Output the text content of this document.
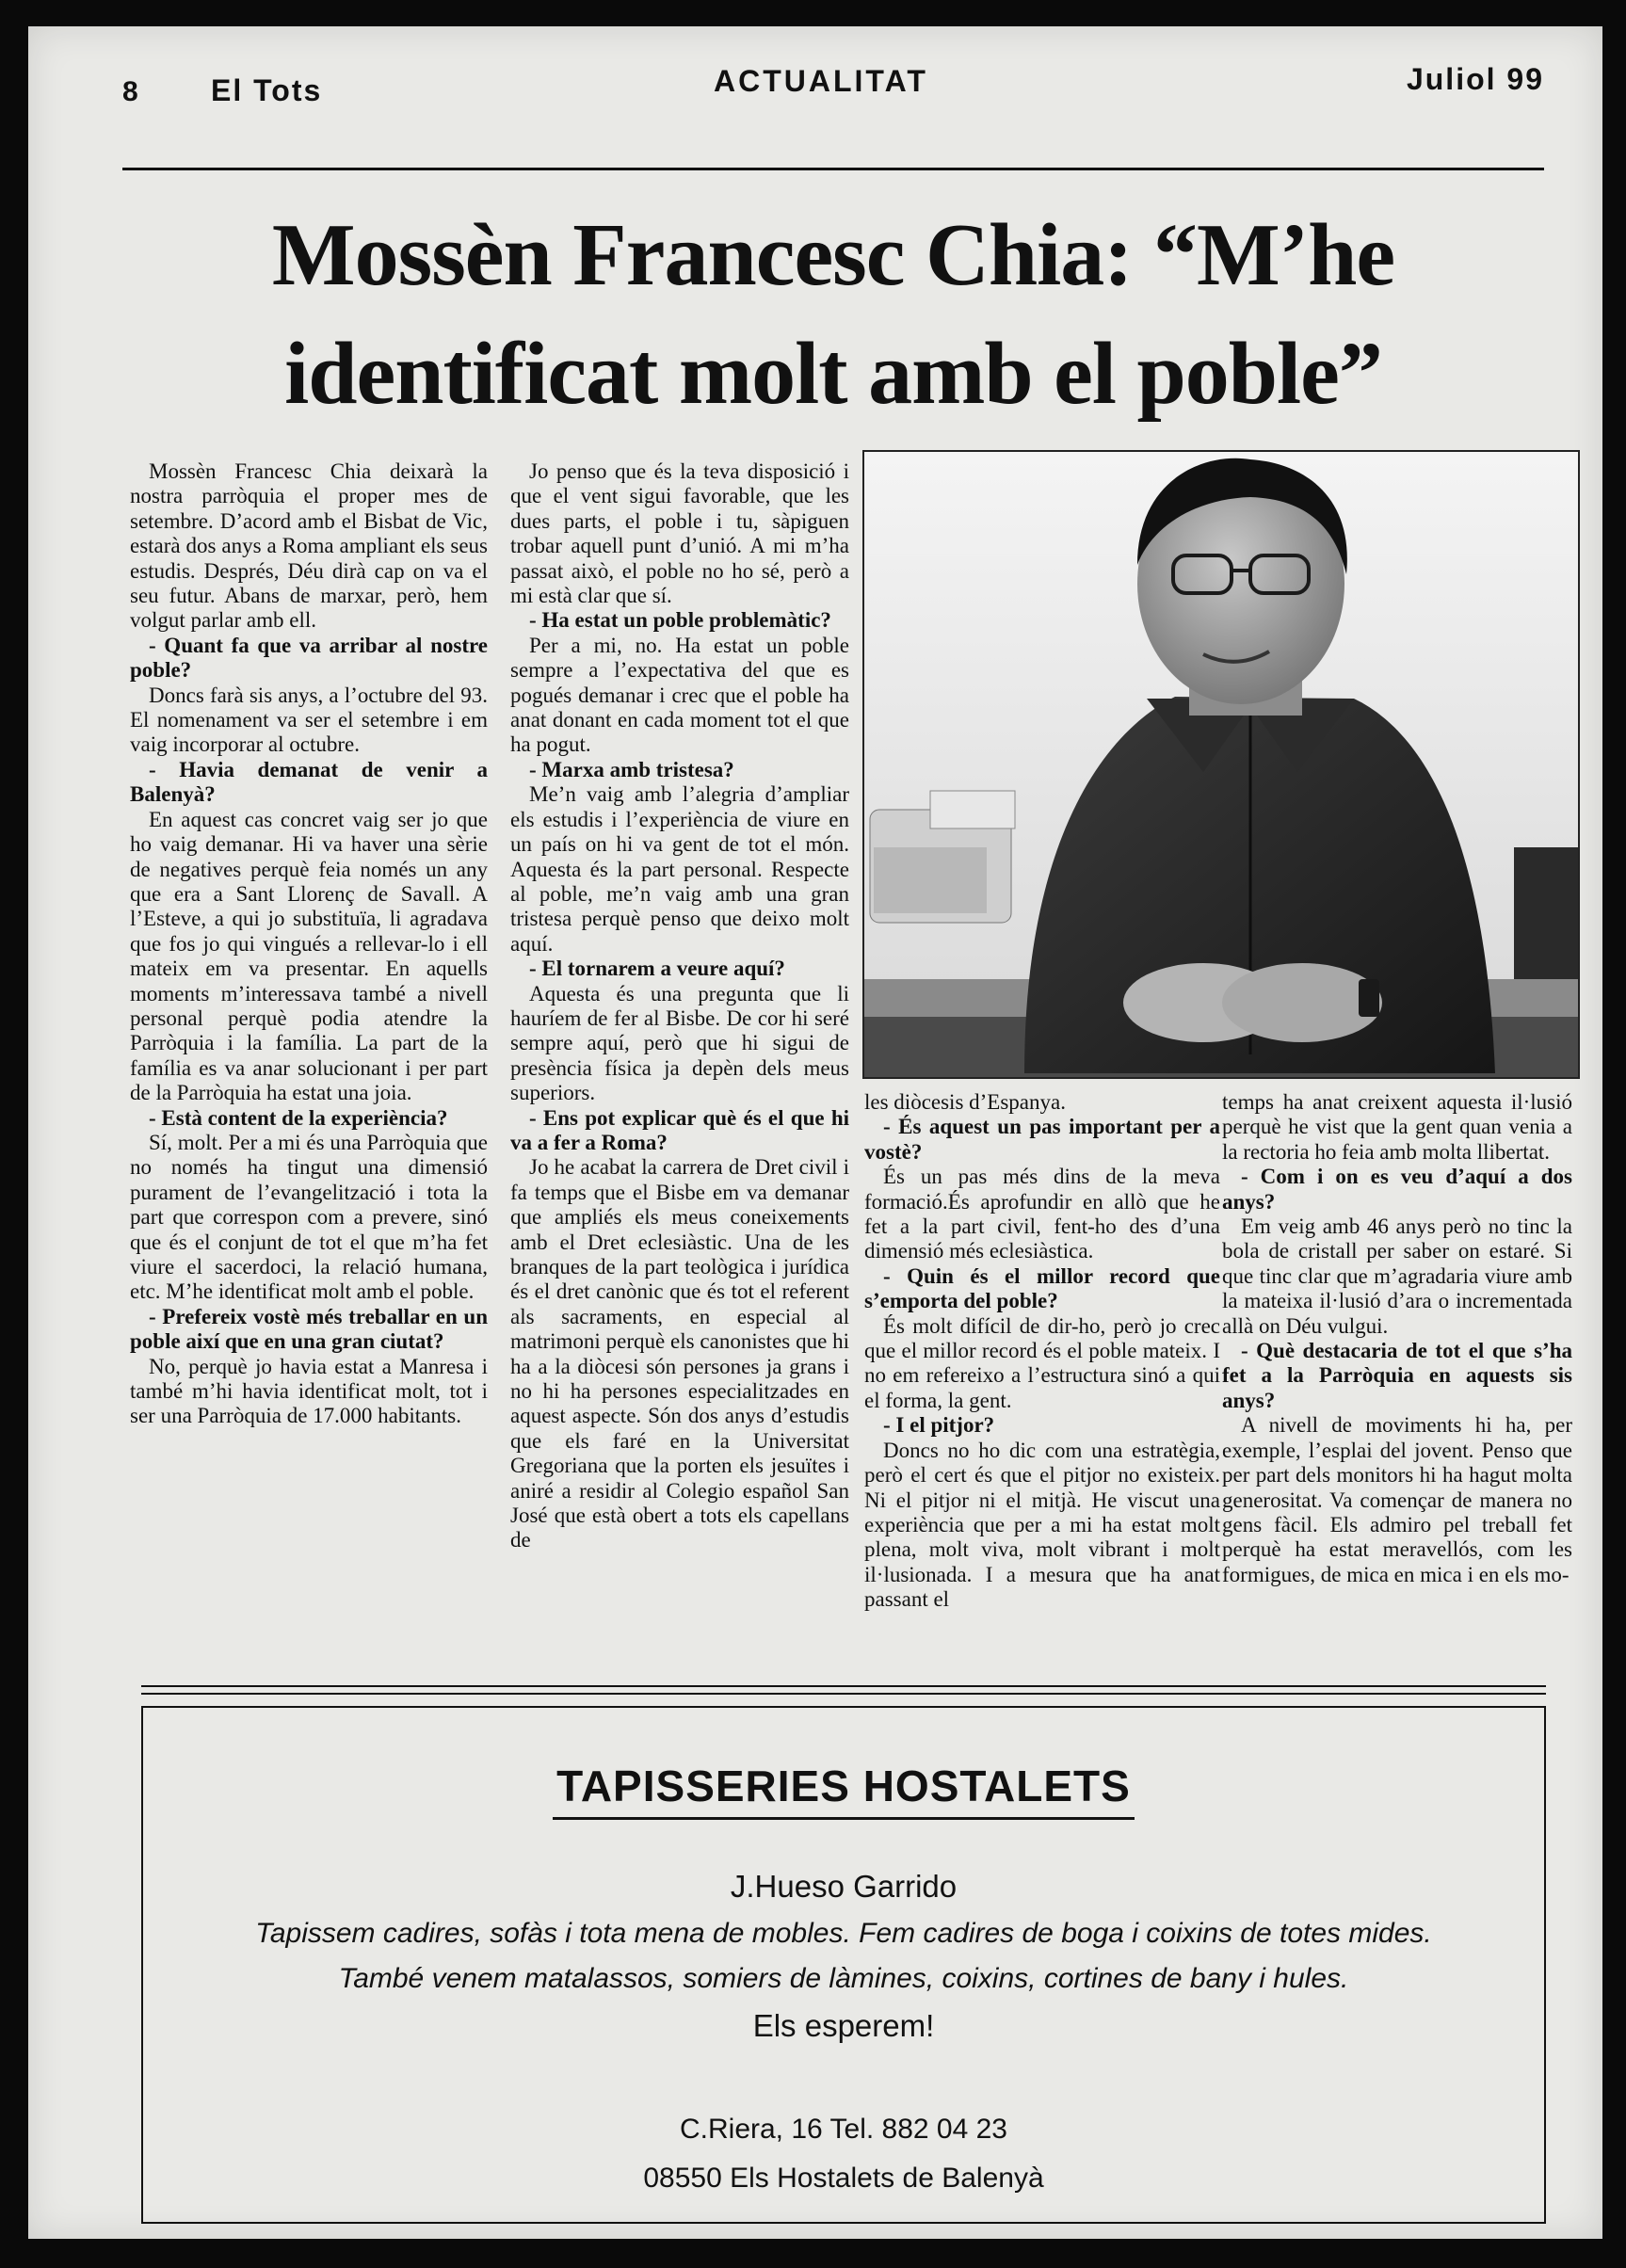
8 El Tots	ACTUALITAT	Juliol 99
Mossèn Francesc Chia: “M’he identificat molt amb el poble”

Mossèn Francesc Chia deixarà la nostra parròquia el proper mes de setembre. D’acord amb el Bisbat de Vic, estarà dos anys a Roma ampliant els seus estudis. Després, Déu dirà cap on va el seu futur. Abans de marxar, però, hem volgut parlar amb ell.

- Quant fa que va arribar al nostre poble?

Doncs farà sis anys, a l’octubre del 93. El nomenament va ser el setembre i em vaig incorporar al octubre.

- Havia demanat de venir a Balenyà?

En aquest cas concret vaig ser jo que ho vaig demanar. Hi va haver una sèrie de negatives perquè feia només un any que era a Sant Llorenç de Savall. A l’Esteve, a qui jo substituïa, li agradava que fos jo qui vingués a rellevar-lo i ell mateix em va presentar. En aquells moments m’interessava també a nivell personal perquè podia atendre la Parròquia i la família. La part de la família es va anar solucionant i per part de la Parròquia ha estat una joia.

- Està content de la experiència?

Sí, molt. Per a mi és una Parròquia que no només ha tingut una dimensió purament de l’evangelització i tota la part que correspon com a prevere, sinó que és el conjunt de tot el que m’ha fet viure el sacerdoci, la relació humana, etc. M’he identificat molt amb el poble.

- Prefereix vostè més treballar en un poble així que en una gran ciutat?

No, perquè jo havia estat a Manresa i també m’hi havia identificat molt, tot i ser una Parròquia de 17.000 habitants.

Jo penso que és la teva disposició i que el vent sigui favorable, que les dues parts, el poble i tu, sàpiguen trobar aquell punt d’unió. A mi m’ha passat això, el poble no ho sé, però a mi està clar que sí.

- Ha estat un poble problemàtic?

Per a mi, no. Ha estat un poble sempre a l’expectativa del que es pogués demanar i crec que el poble ha anat donant en cada moment tot el que ha pogut.

- Marxa amb tristesa?

Me’n vaig amb l’alegria d’ampliar els estudis i l’experiència de viure en un país on hi va gent de tot el món. Aquesta és la part personal. Respecte al poble, me’n vaig amb una gran tristesa perquè penso que deixo molt aquí.

- El tornarem a veure aquí?

Aquesta és una pregunta que li hauríem de fer al Bisbe. De cor hi seré sempre aquí, però que hi sigui de presència física ja depèn dels meus superiors.

- Ens pot explicar què és el que hi va a fer a Roma?

Jo he acabat la carrera de Dret civil i fa temps que el Bisbe em va demanar que ampliés els meus coneixements amb el Dret eclesiàstic. Una de les branques de la part teològica i jurídica és el dret canònic que és tot el referent als sacraments, en especial al matrimoni perquè els canonistes que hi ha a la diòcesi són persones ja grans i no hi ha persones especialitzades en aquest aspecte. Són dos anys d’estudis que els faré en la Universitat Gregoriana que la porten els jesuïtes i aniré a residir al Colegio español San José que està obert a tots els capellans de

les diòcesis d’Espanya.

- És aquest un pas important per a vostè?

És un pas més dins de la meva formació.És aprofundir en allò que he fet a la part civil, fent-ho des d’una dimensió més eclesiàstica.

- Quin és el millor record que s’emporta del poble?

És molt difícil de dir-ho, però jo crec que el millor record és el poble mateix. I no em refereixo a l’estructura sinó a qui el forma, la gent.

- I el pitjor?

Doncs no ho dic com una estratègia, però el cert és que el pitjor no existeix. Ni el pitjor ni el mitjà. He viscut una experiència que per a mi ha estat molt plena, molt viva, molt vibrant i molt il·lusionada. I a mesura que ha anat passant el

temps ha anat creixent aquesta il·lusió perquè he vist que la gent quan venia a la rectoria ho feia amb molta llibertat.

- Com i on es veu d’aquí a dos anys?

Em veig amb 46 anys però no tinc la bola de cristall per saber on estaré. Si que tinc clar que m’agradaria viure amb la mateixa il·lusió d’ara o incrementada allà on Déu vulgui.

- Què destacaria de tot el que s’ha fet a la Parròquia en aquests sis anys?

A nivell de moviments hi ha, per exemple, l’esplai del jovent. Penso que per part dels monitors hi ha hagut molta generositat. Va començar de manera no gens fàcil. Els admiro pel treball fet perquè ha estat meravellós, com les formigues, de mica en mica i en els mo-

TAPISSERIES HOSTALETS
J.Hueso Garrido
Tapissem cadires, sofàs i tota mena de mobles. Fem cadires de boga i coixins de totes mides.
També venem matalassos, somiers de làmines, coixins, cortines de bany i hules.
Els esperem!
C.Riera, 16 Tel. 882 04 23
08550 Els Hostalets de Balenyà
